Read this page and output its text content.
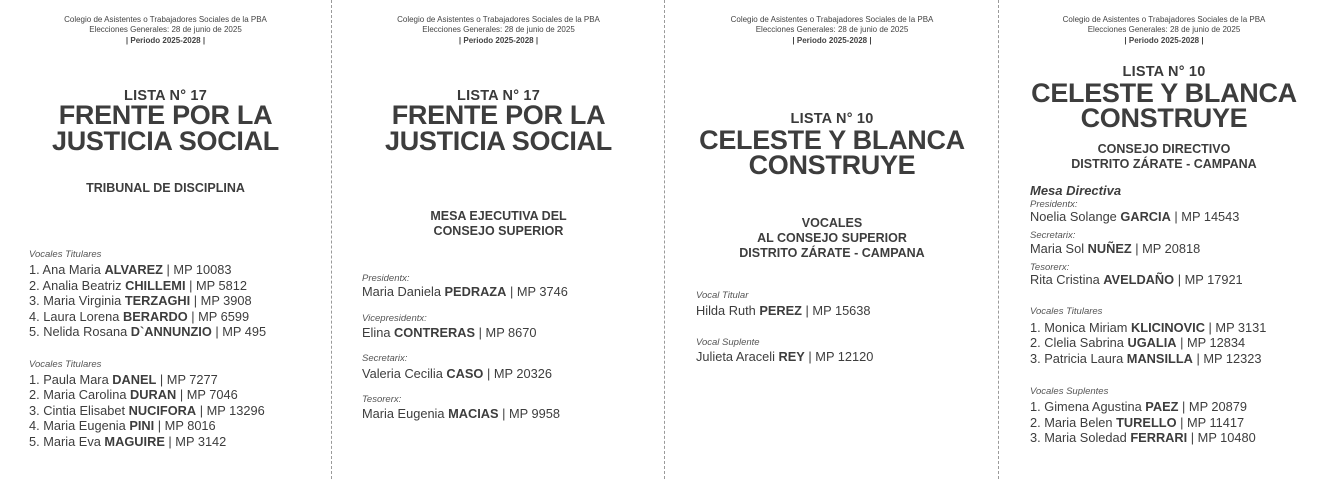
Colegio de Asistentes o Trabajadores Sociales de la PBA
Elecciones Generales: 28 de junio de 2025
| Periodo 2025-2028 |
LISTA N° 17
FRENTE POR LA
JUSTICIA SOCIAL
TRIBUNAL DE DISCIPLINA
Vocales Titulares
1. Ana Maria ALVAREZ | MP 10083
2. Analia Beatriz CHILLEMI | MP 5812
3. Maria Virginia TERZAGHI | MP 3908
4. Laura Lorena BERARDO | MP 6599
5. Nelida Rosana D`ANNUNZIO | MP 495
Vocales Titulares
1. Paula Mara DANEL | MP 7277
2. Maria Carolina DURAN | MP 7046
3. Cintia Elisabet NUCIFORA | MP 13296
4. Maria Eugenia PINI | MP 8016
5. Maria Eva MAGUIRE | MP 3142
Colegio de Asistentes o Trabajadores Sociales de la PBA
Elecciones Generales: 28 de junio de 2025
| Periodo 2025-2028 |
LISTA N° 17
FRENTE POR LA
JUSTICIA SOCIAL
MESA EJECUTIVA DEL
CONSEJO SUPERIOR
Presidentx:
Maria Daniela PEDRAZA | MP 3746
Vicepresidentx:
Elina CONTRERAS | MP 8670
Secretarix:
Valeria Cecilia CASO | MP 20326
Tesorerx:
Maria Eugenia MACIAS | MP 9958
Colegio de Asistentes o Trabajadores Sociales de la PBA
Elecciones Generales: 28 de junio de 2025
| Periodo 2025-2028 |
LISTA N° 10
CELESTE Y BLANCA
CONSTRUYE
VOCALES
AL CONSEJO SUPERIOR
DISTRITO ZÁRATE - CAMPANA
Vocal Titular
Hilda Ruth PEREZ | MP 15638
Vocal Suplente
Julieta Araceli REY | MP 12120
Colegio de Asistentes o Trabajadores Sociales de la PBA
Elecciones Generales: 28 de junio de 2025
| Periodo 2025-2028 |
LISTA N° 10
CELESTE Y BLANCA
CONSTRUYE
CONSEJO DIRECTIVO
DISTRITO ZÁRATE - CAMPANA
Mesa Directiva
Presidentx:
Noelia Solange GARCIA | MP 14543
Secretarix:
Maria Sol NUÑEZ | MP 20818
Tesorerx:
Rita Cristina AVELDAÑO | MP 17921
Vocales Titulares
1. Monica Miriam KLICINOVIC | MP 3131
2. Clelia Sabrina UGALIA | MP 12834
3. Patricia Laura MANSILLA | MP 12323
Vocales Suplentes
1. Gimena Agustina PAEZ | MP 20879
2. Maria Belen TURELLO | MP 11417
3. Maria Soledad FERRARI | MP 10480
